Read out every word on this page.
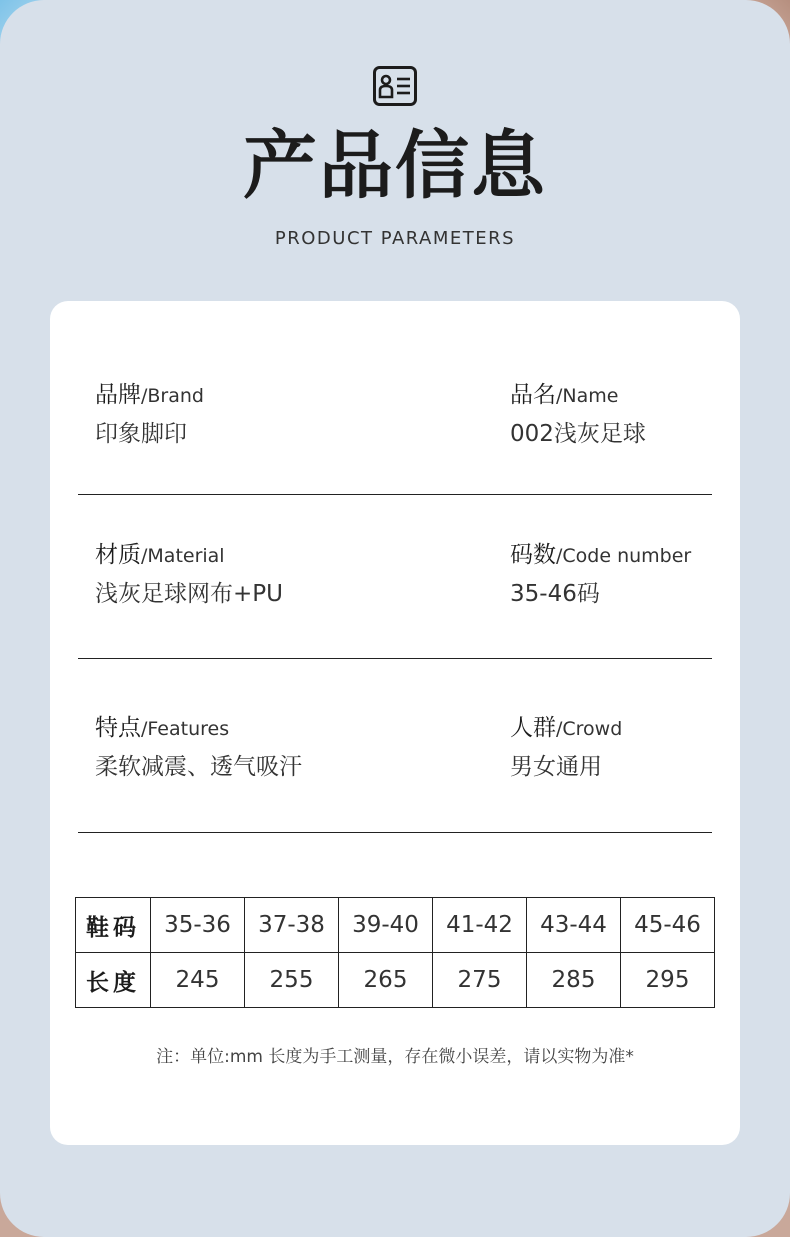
产品信息
PRODUCT PARAMETERS
品牌/Brand
印象脚印
品名/Name
002浅灰足球
材质/Material
浅灰足球网布+PU
码数/Code number
35-46码
特点/Features
柔软减震、透气吸汗
人群/Crowd
男女通用
鞋码	35-36	37-38	39-40	41-42	43-44	45-46
长度	245	255	265	275	285	295
注：单位:mm 长度为手工测量，存在微小误差，请以实物为准*
